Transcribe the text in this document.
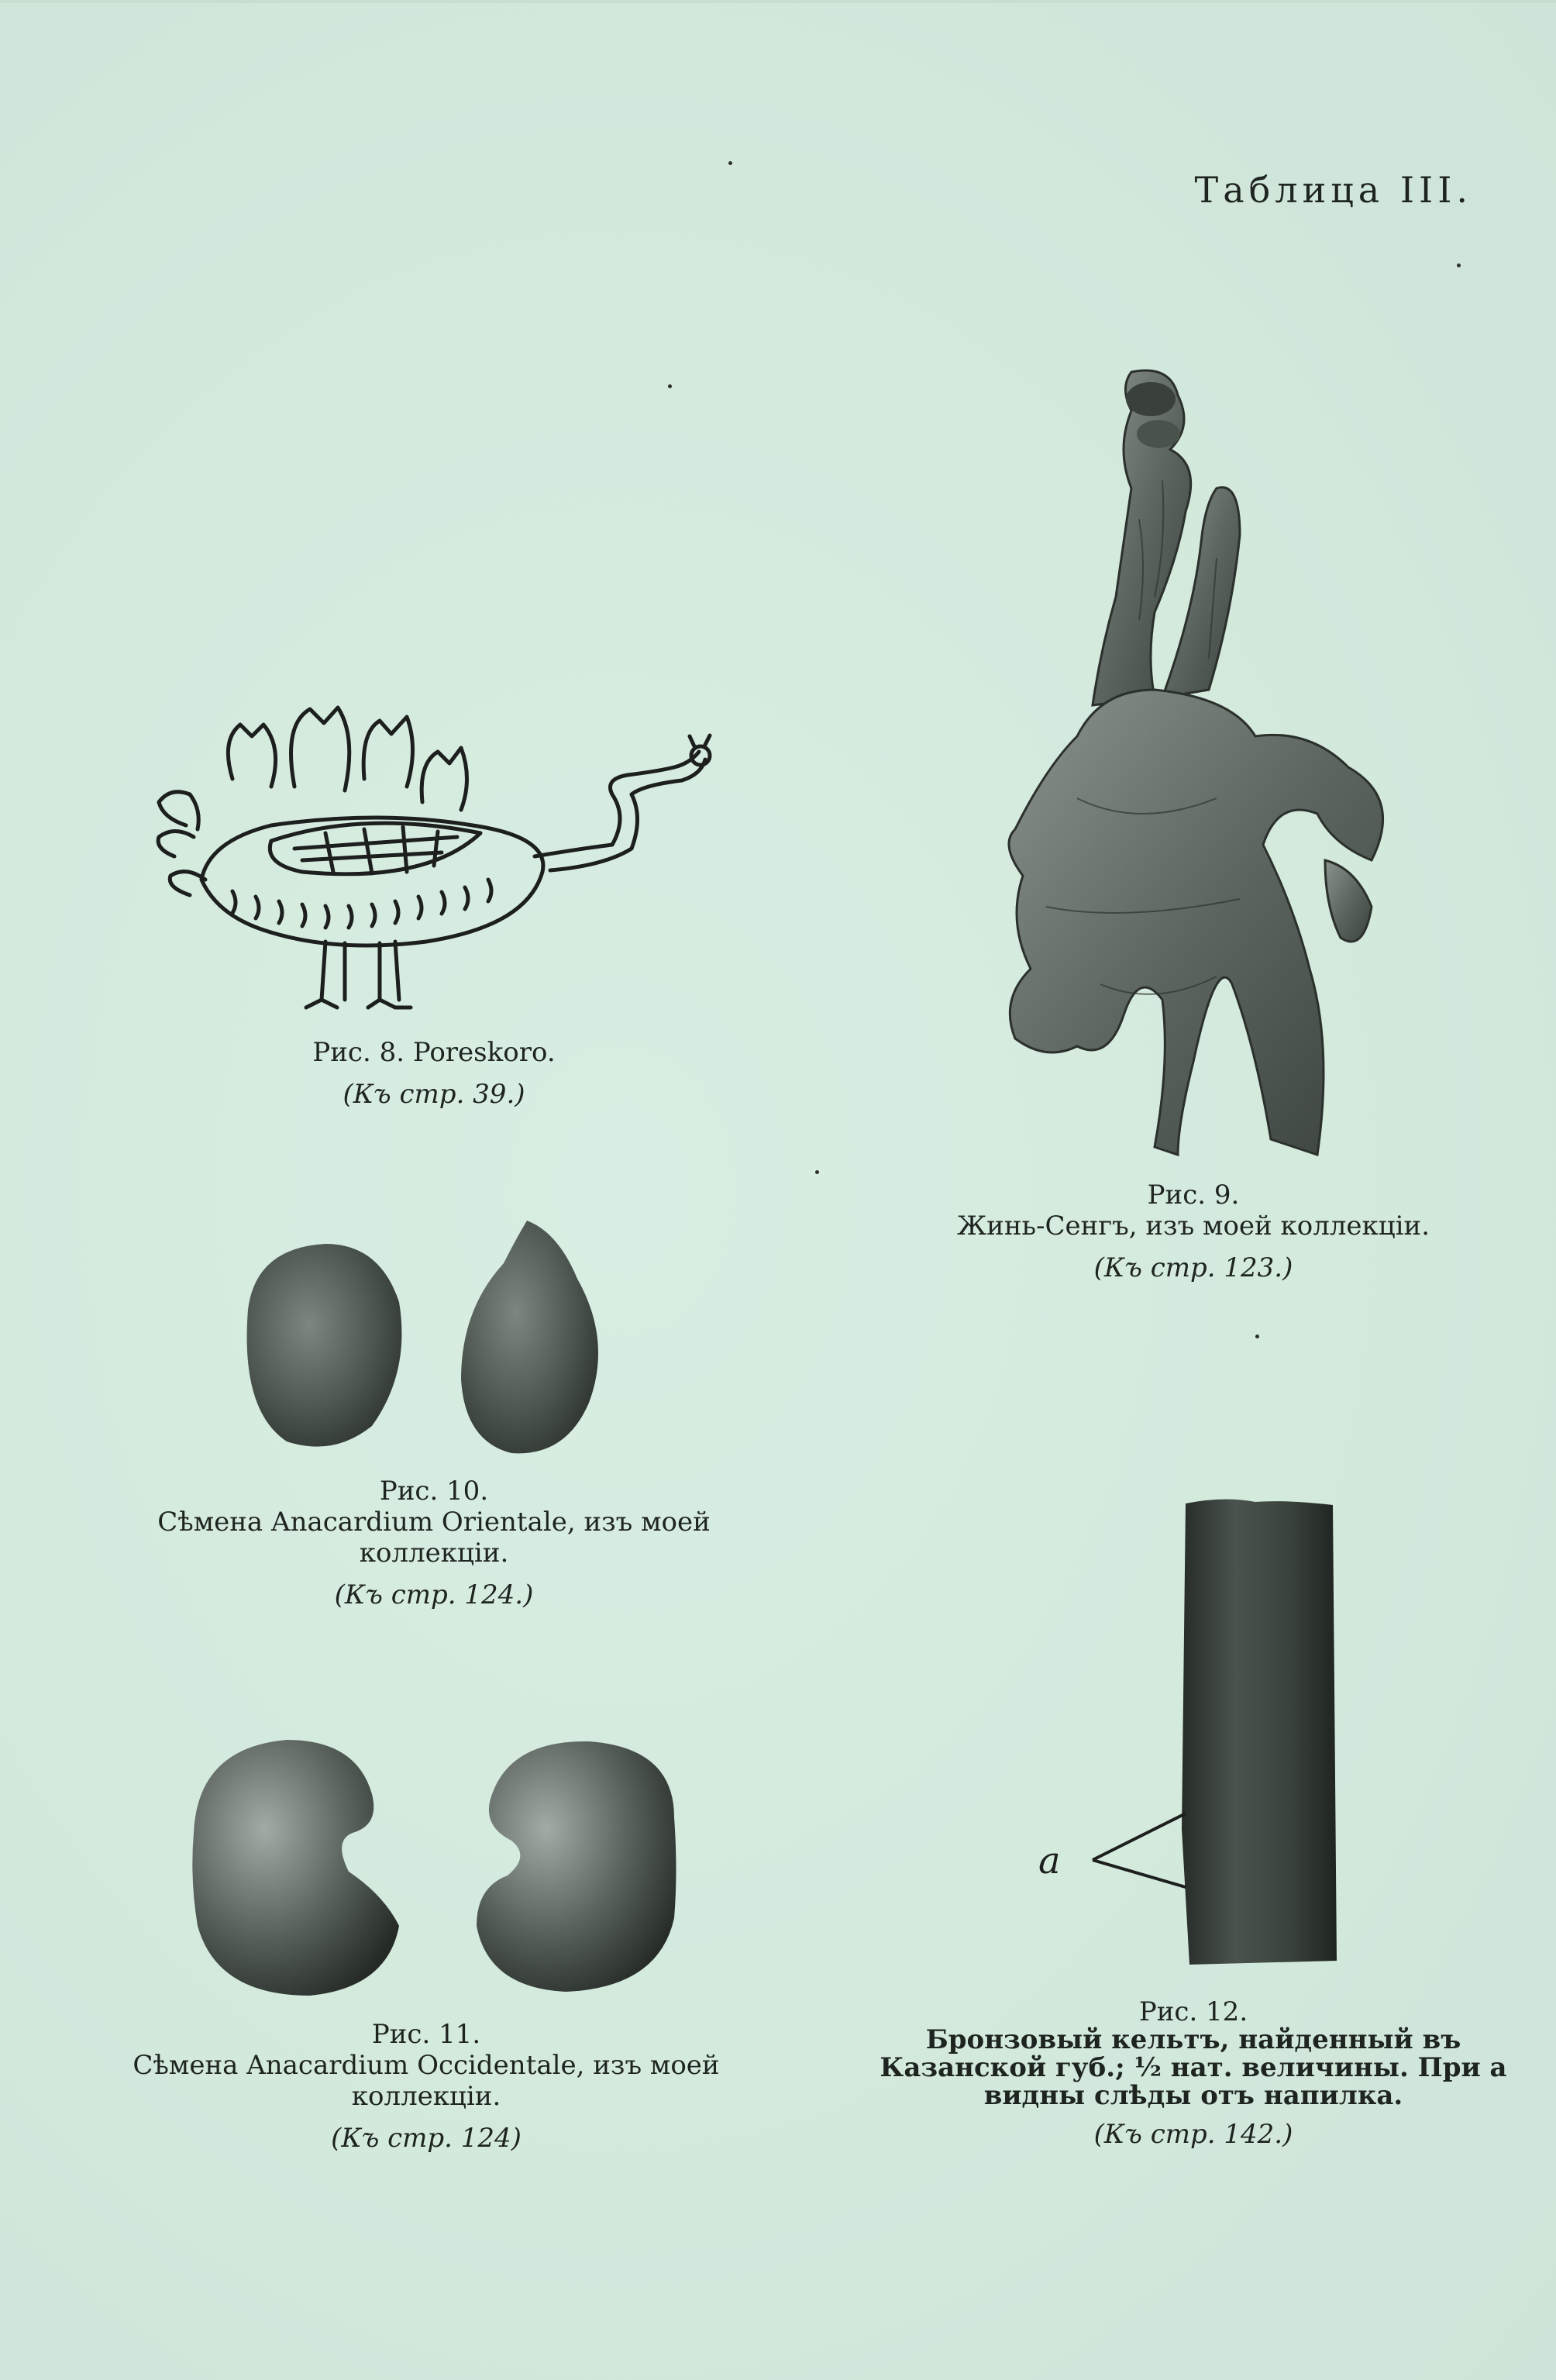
Таблица III.
Рис. 8. Poreskoro.
(Къ стр. 39.)
Рис. 9.
Жинь-Сенгъ, изъ моей коллекціи.
(Къ стр. 123.)
Рис. 10.
Сѣмена Anacardium Orientale, изъ моей коллекціи.
(Къ стр. 124.)
Рис. 11.
Сѣмена Anacardium Occidentale, изъ моей коллекціи.
(Къ стр. 124)
a
Рис. 12.
Бронзовый кельтъ, найденный въ Казанской губ.; ½ нат. величины. При a видны слѣды отъ напилка.
(Къ стр. 142.)
